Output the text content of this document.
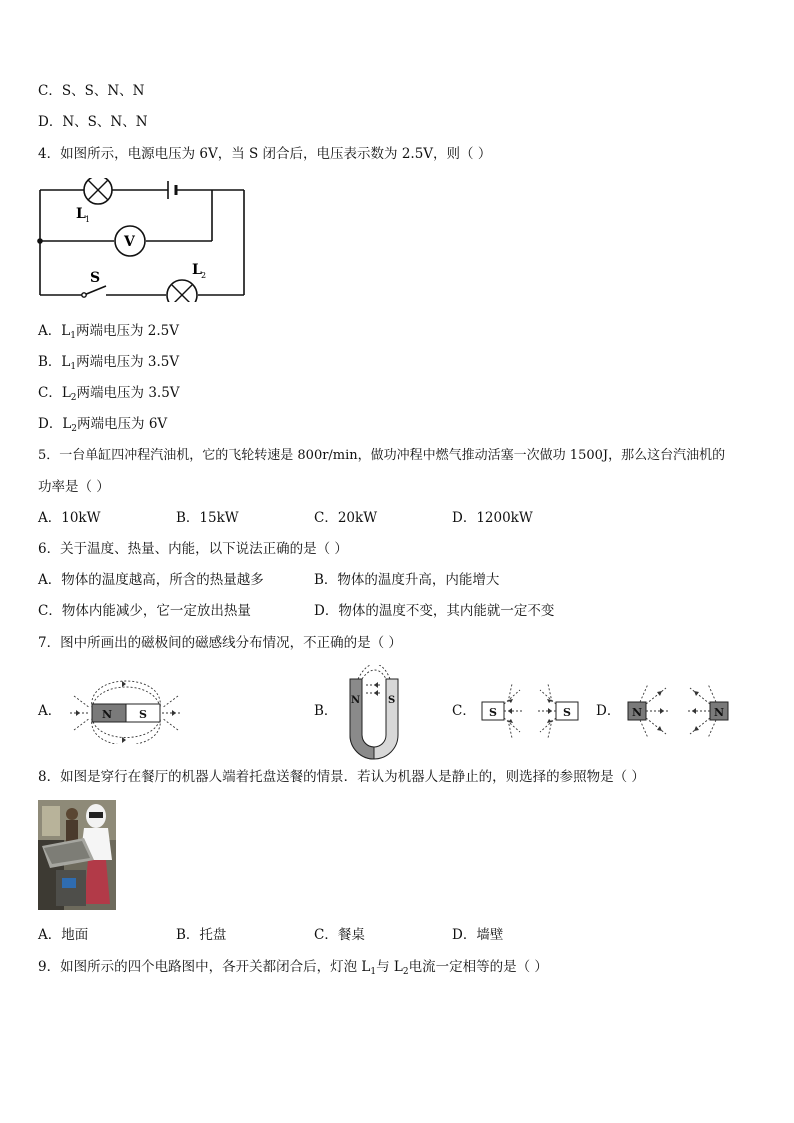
C．S、S、N、N
D．N、S、N、N
4．如图所示，电源电压为 6V，当 S 闭合后，电压表示数为 2.5V，则（ ）
L 1
V
S	L 2
A．$L_1$两端电压为 2.5V
B．$L_1$两端电压为 3.5V
C．$L_2$两端电压为 3.5V
D．$L_2$两端电压为 6V
5．一台单缸四冲程汽油机，它的飞轮转速是 800r/min，做功冲程中燃气推动活塞一次做功 1500J，那么这台汽油机的
功率是（ ）
A．10kW	B．15kW	C．20kW	D．1200kW
6．关于温度、热量、内能，以下说法正确的是（ ）
A．物体的温度越高，所含的热量越多	B．物体的温度升高，内能增大
C．物体内能减少，它一定放出热量	D．物体的温度不变，其内能就一定不变
7．图中所画出的磁极间的磁感线分布情况，不正确的是（ ）
A．	N S	B．
N	S
C． S	S D． N	N
8．如图是穿行在餐厅的机器人端着托盘送餐的情景．若认为机器人是静止的，则选择的参照物是（ ）
A．地面	B．托盘	C．餐桌	D．墙壁
9．如图所示的四个电路图中，各开关都闭合后，灯泡 $L_1$与 $L_2$电流一定相等的是（ ）
